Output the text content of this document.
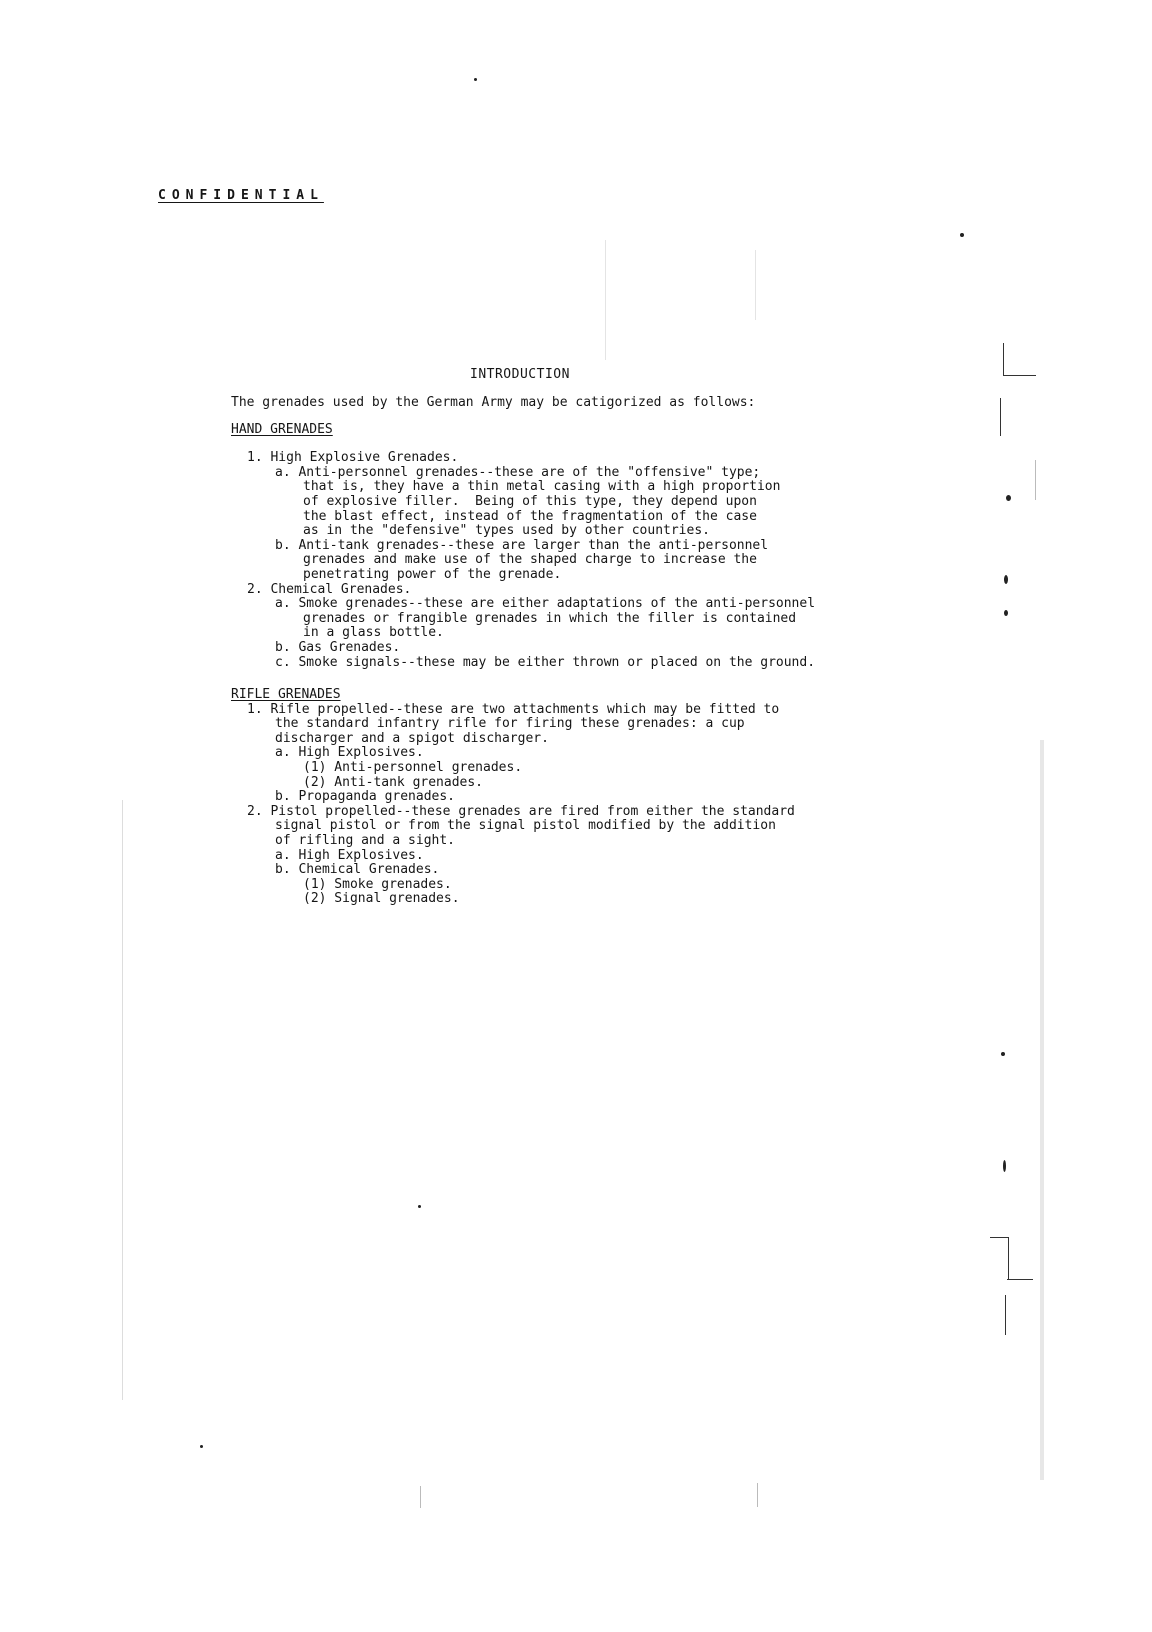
CONFIDENTIAL
INTRODUCTION

The grenades used by the German Army may be catigorized as follows:

HAND GRENADES
1. High Explosive Grenades.
a. Anti-personnel grenades--these are of the "offensive" type;
that is, they have a thin metal casing with a high proportion
of explosive filler.  Being of this type, they depend upon
the blast effect, instead of the fragmentation of the case
as in the "defensive" types used by other countries.
b. Anti-tank grenades--these are larger than the anti-personnel
grenades and make use of the shaped charge to increase the
penetrating power of the grenade.
2. Chemical Grenades.
a. Smoke grenades--these are either adaptations of the anti-personnel
grenades or frangible grenades in which the filler is contained
in a glass bottle.
b. Gas Grenades.
c. Smoke signals--these may be either thrown or placed on the ground.
RIFLE GRENADES
1. Rifle propelled--these are two attachments which may be fitted to
the standard infantry rifle for firing these grenades: a cup
discharger and a spigot discharger.
a. High Explosives.
(1) Anti-personnel grenades.
(2) Anti-tank grenades.
b. Propaganda grenades.
2. Pistol propelled--these grenades are fired from either the standard
signal pistol or from the signal pistol modified by the addition
of rifling and a sight.
a. High Explosives.
b. Chemical Grenades.
(1) Smoke grenades.
(2) Signal grenades.
